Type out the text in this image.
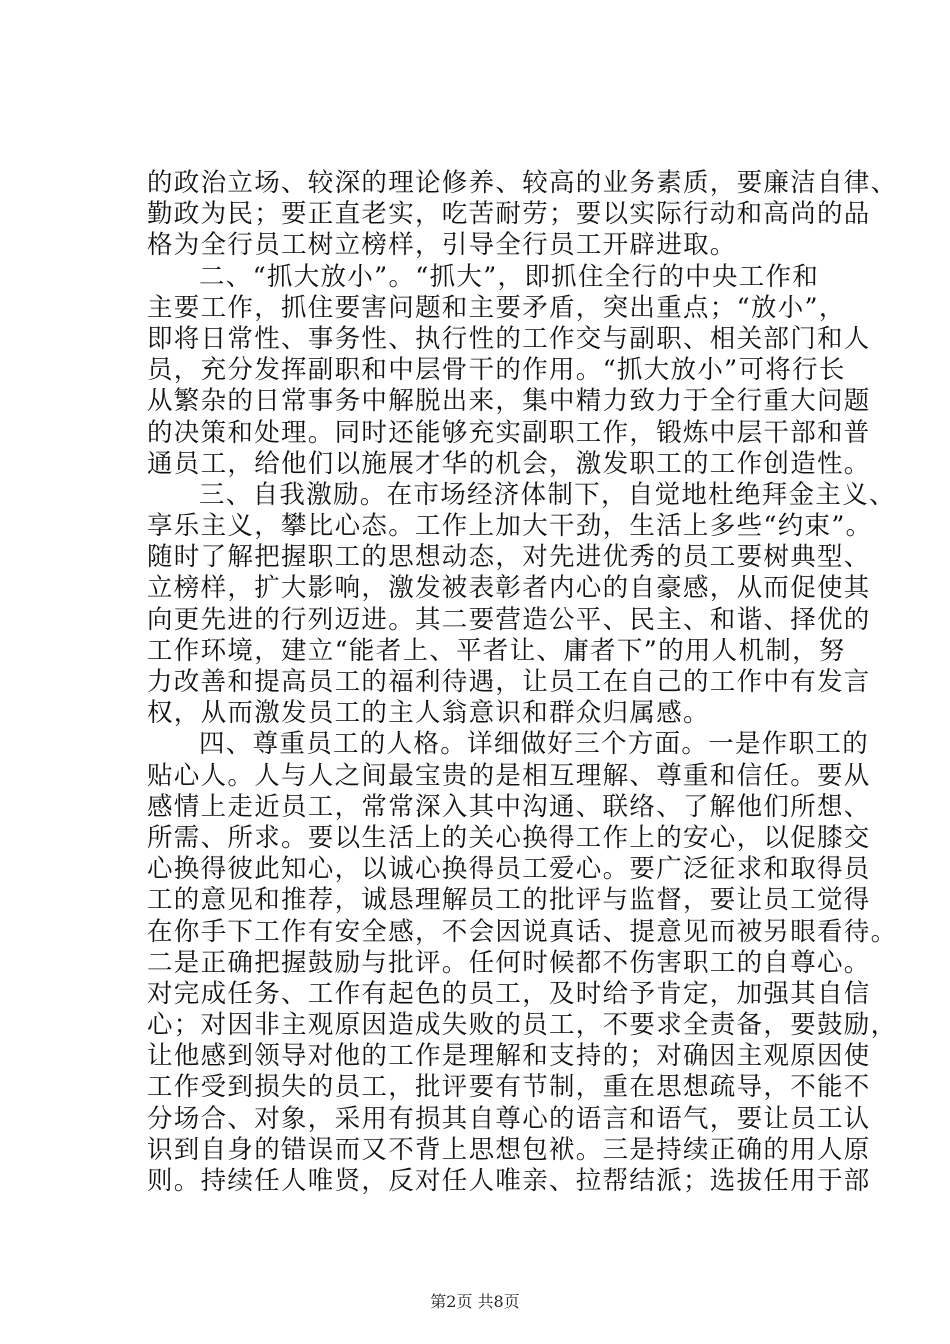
的政治立场、较深的理论修养、较高的业务素质，要廉洁自律、
勤政为民；要正直老实，吃苦耐劳；要以实际行动和高尚的品
格为全行员工树立榜样，引导全行员工开辟进取。
二、“抓大放小”。“抓大”，即抓住全行的中央工作和
主要工作，抓住要害问题和主要矛盾，突出重点；“放小”，
即将日常性、事务性、执行性的工作交与副职、相关部门和人
员，充分发挥副职和中层骨干的作用。“抓大放小”可将行长
从繁杂的日常事务中解脱出来，集中精力致力于全行重大问题
的决策和处理。同时还能够充实副职工作，锻炼中层干部和普
通员工，给他们以施展才华的机会，激发职工的工作创造性。
三、自我激励。在市场经济体制下，自觉地杜绝拜金主义、
享乐主义，攀比心态。工作上加大干劲，生活上多些“约束”。
随时了解把握职工的思想动态，对先进优秀的员工要树典型、
立榜样，扩大影响，激发被表彰者内心的自豪感，从而促使其
向更先进的行列迈进。其二要营造公平、民主、和谐、择优的
工作环境，建立“能者上、平者让、庸者下”的用人机制，努
力改善和提高员工的福利待遇，让员工在自己的工作中有发言
权，从而激发员工的主人翁意识和群众归属感。
四、尊重员工的人格。详细做好三个方面。一是作职工的
贴心人。人与人之间最宝贵的是相互理解、尊重和信任。要从
感情上走近员工，常常深入其中沟通、联络、了解他们所想、
所需、所求。要以生活上的关心换得工作上的安心，以促膝交
心换得彼此知心，以诚心换得员工爱心。要广泛征求和取得员
工的意见和推荐，诚恳理解员工的批评与监督，要让员工觉得
在你手下工作有安全感，不会因说真话、提意见而被另眼看待。
二是正确把握鼓励与批评。任何时候都不伤害职工的自尊心。
对完成任务、工作有起色的员工，及时给予肯定，加强其自信
心；对因非主观原因造成失败的员工，不要求全责备，要鼓励，
让他感到领导对他的工作是理解和支持的；对确因主观原因使
工作受到损失的员工，批评要有节制，重在思想疏导，不能不
分场合、对象，采用有损其自尊心的语言和语气，要让员工认
识到自身的错误而又不背上思想包袱。三是持续正确的用人原
则。持续任人唯贤，反对任人唯亲、拉帮结派；选拔任用于部
第2页 共8页
